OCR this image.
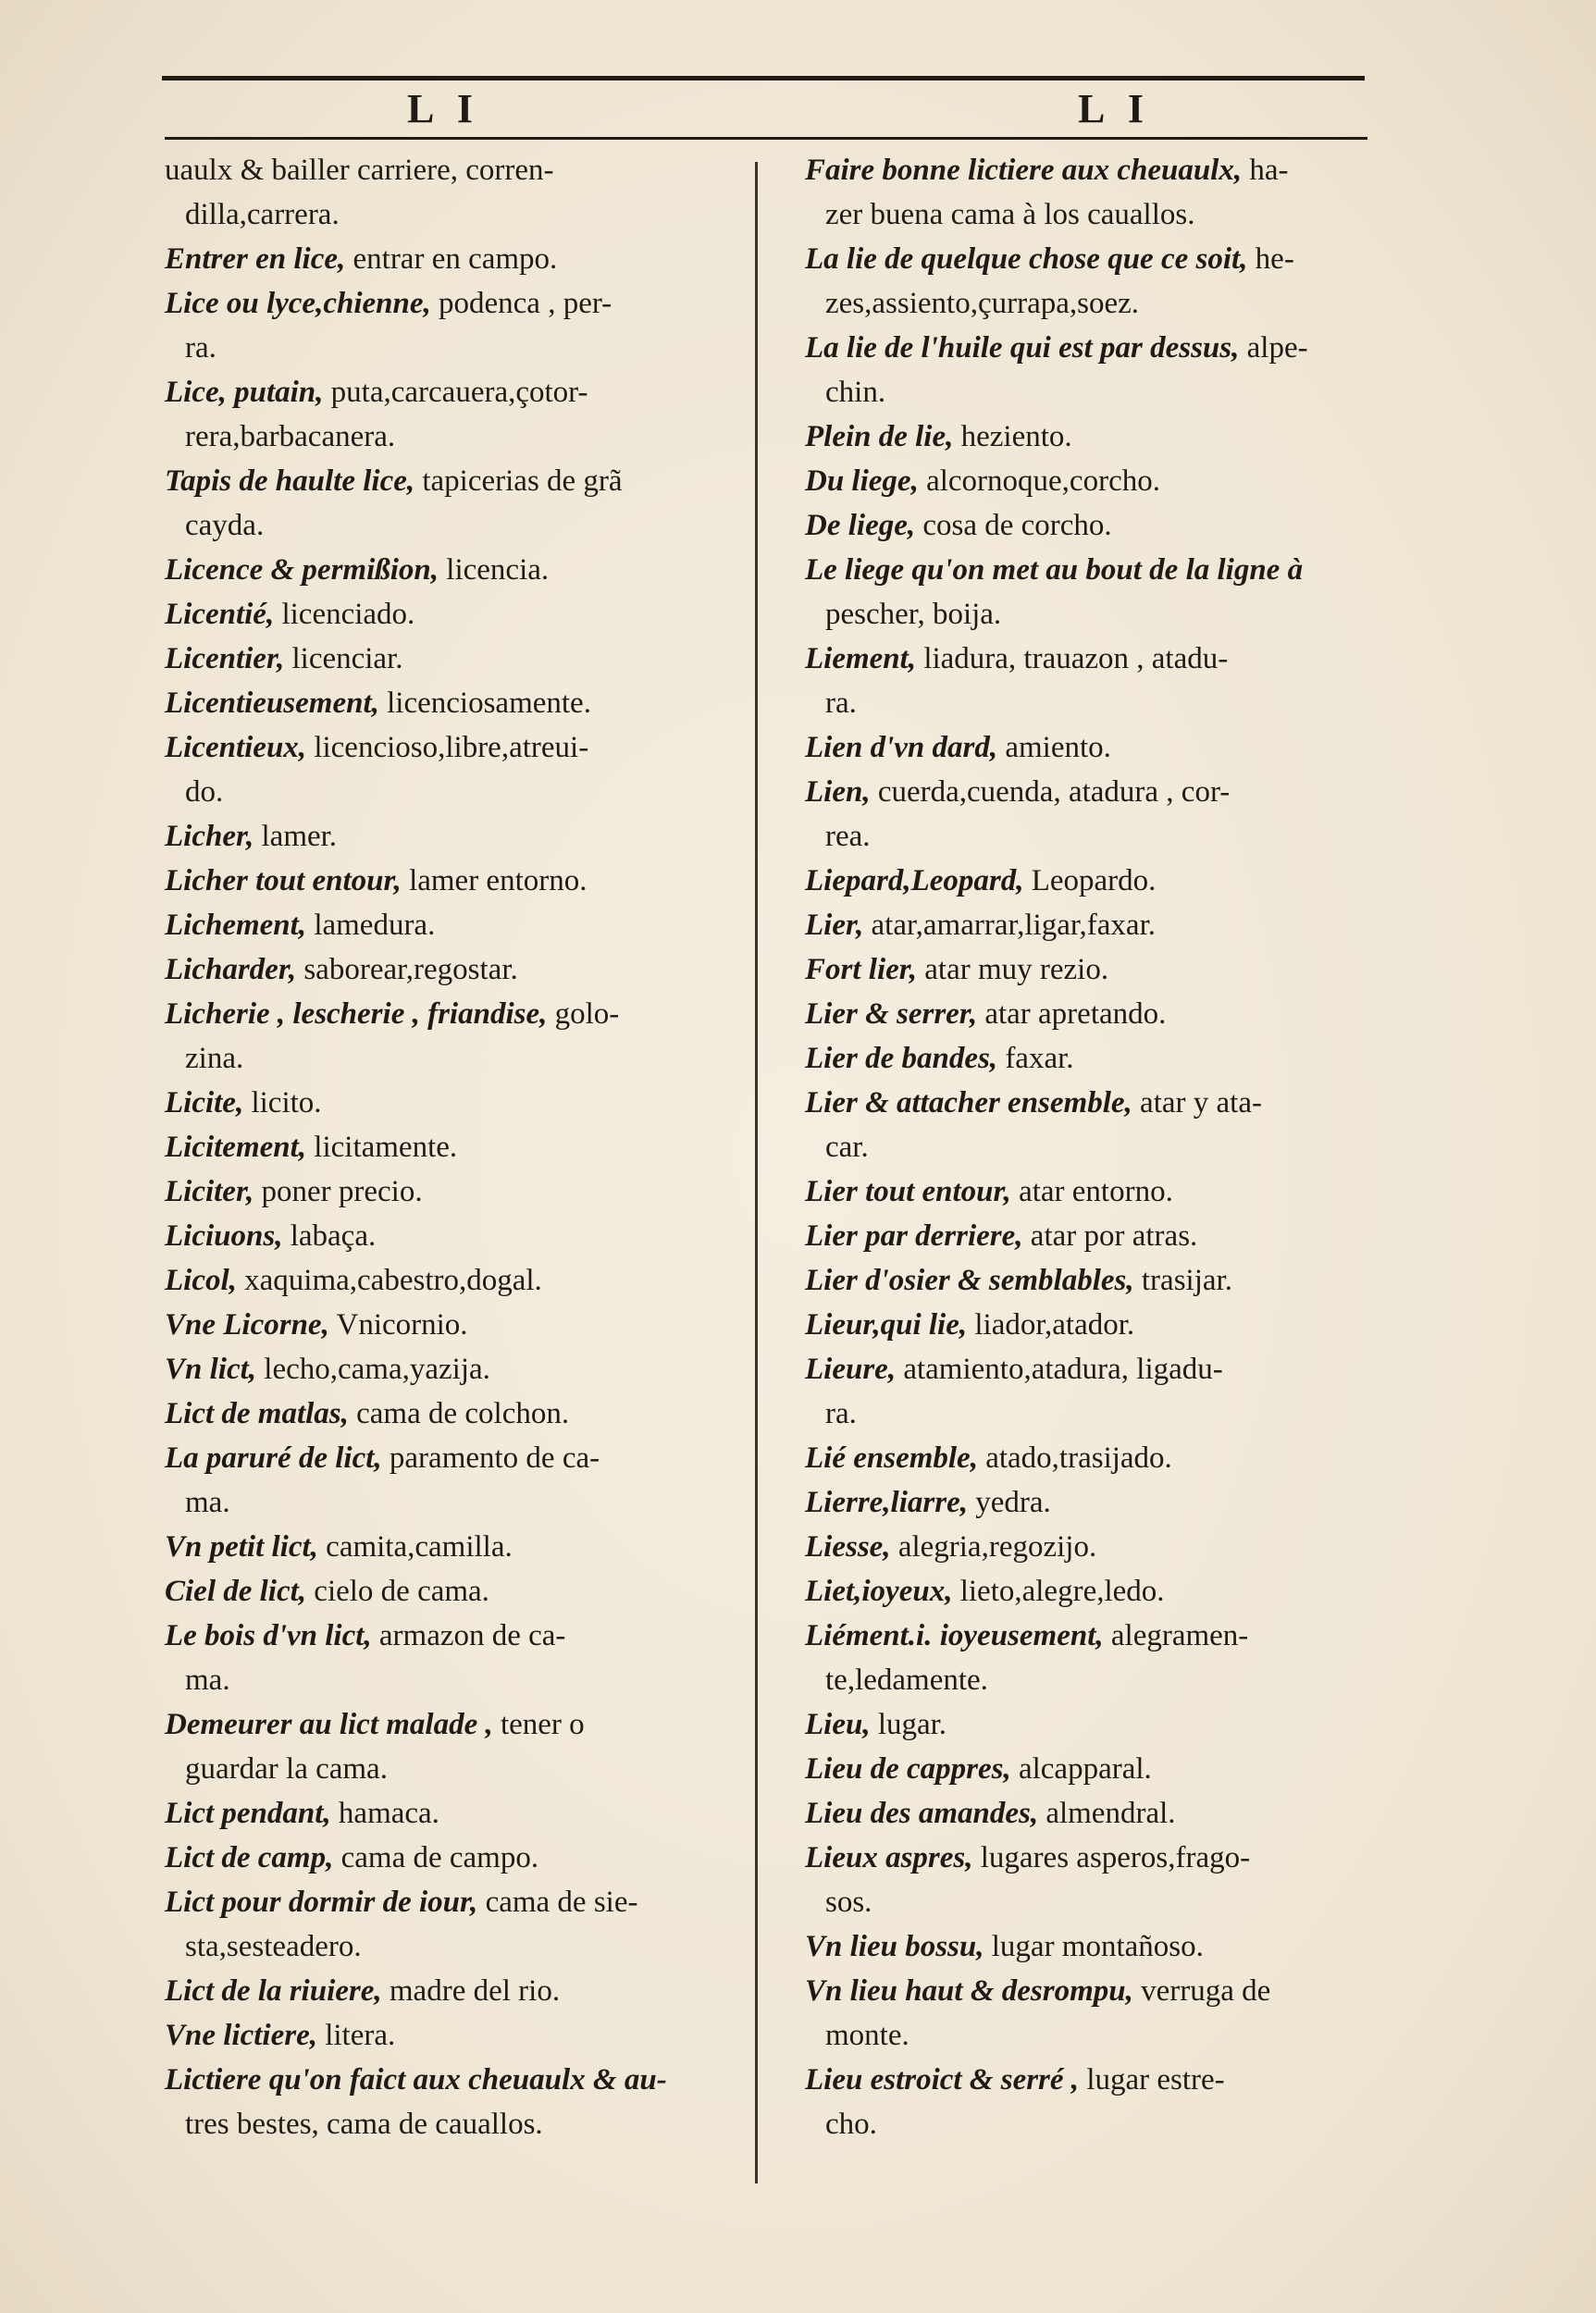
L I	L I

uaulx & bailler carriere, corren-
dilla,carrera.

Entrer en lice, entrar en campo.

Lice ou lyce,chienne, podenca , per-
ra.

Lice, putain, puta,carcauera,çotor-
rera,barbacanera.

Tapis de haulte lice, tapicerias de grã
cayda.

Licence & permißion, licencia.

Licentié, licenciado.

Licentier, licenciar.

Licentieusement, licenciosamente.

Licentieux, licencioso,libre,atreui-
do.

Licher, lamer.

Licher tout entour, lamer entorno.

Lichement, lamedura.

Licharder, saborear,regostar.

Licherie , lescherie , friandise, golo-
zina.

Licite, licito.

Licitement, licitamente.

Liciter, poner precio.

Liciuons, labaça.

Licol, xaquima,cabestro,dogal.

Vne Licorne, Vnicornio.

Vn lict, lecho,cama,yazija.

Lict de matlas, cama de colchon.

La paruré de lict, paramento de ca-
ma.

Vn petit lict, camita,camilla.

Ciel de lict, cielo de cama.

Le bois d'vn lict, armazon de ca-
ma.

Demeurer au lict malade , tener o
guardar la cama.

Lict pendant, hamaca.

Lict de camp, cama de campo.

Lict pour dormir de iour, cama de sie-
sta,sesteadero.

Lict de la riuiere, madre del rio.

Vne lictiere, litera.

Lictiere qu'on faict aux cheuaulx & au-
tres bestes, cama de cauallos.

Faire bonne lictiere aux cheuaulx, ha-
zer buena cama à los cauallos.

La lie de quelque chose que ce soit, he-
zes,assiento,çurrapa,soez.

La lie de l'huile qui est par dessus, alpe-
chin.

Plein de lie, heziento.

Du liege, alcornoque,corcho.

De liege, cosa de corcho.

Le liege qu'on met au bout de la ligne à
pescher, boija.

Liement, liadura, trauazon , atadu-
ra.

Lien d'vn dard, amiento.

Lien, cuerda,cuenda, atadura , cor-
rea.

Liepard,Leopard, Leopardo.

Lier, atar,amarrar,ligar,faxar.

Fort lier, atar muy rezio.

Lier & serrer, atar apretando.

Lier de bandes, faxar.

Lier & attacher ensemble, atar y ata-
car.

Lier tout entour, atar entorno.

Lier par derriere, atar por atras.

Lier d'osier & semblables, trasijar.

Lieur,qui lie, liador,atador.

Lieure, atamiento,atadura, ligadu-
ra.

Lié ensemble, atado,trasijado.

Lierre,liarre, yedra.

Liesse, alegria,regozijo.

Liet,ioyeux, lieto,alegre,ledo.

Liément.i. ioyeusement, alegramen-
te,ledamente.

Lieu, lugar.

Lieu de cappres, alcapparal.

Lieu des amandes, almendral.

Lieux aspres, lugares asperos,frago-
sos.

Vn lieu bossu, lugar montañoso.

Vn lieu haut & desrompu, verruga de
monte.

Lieu estroict & serré , lugar estre-
cho.
